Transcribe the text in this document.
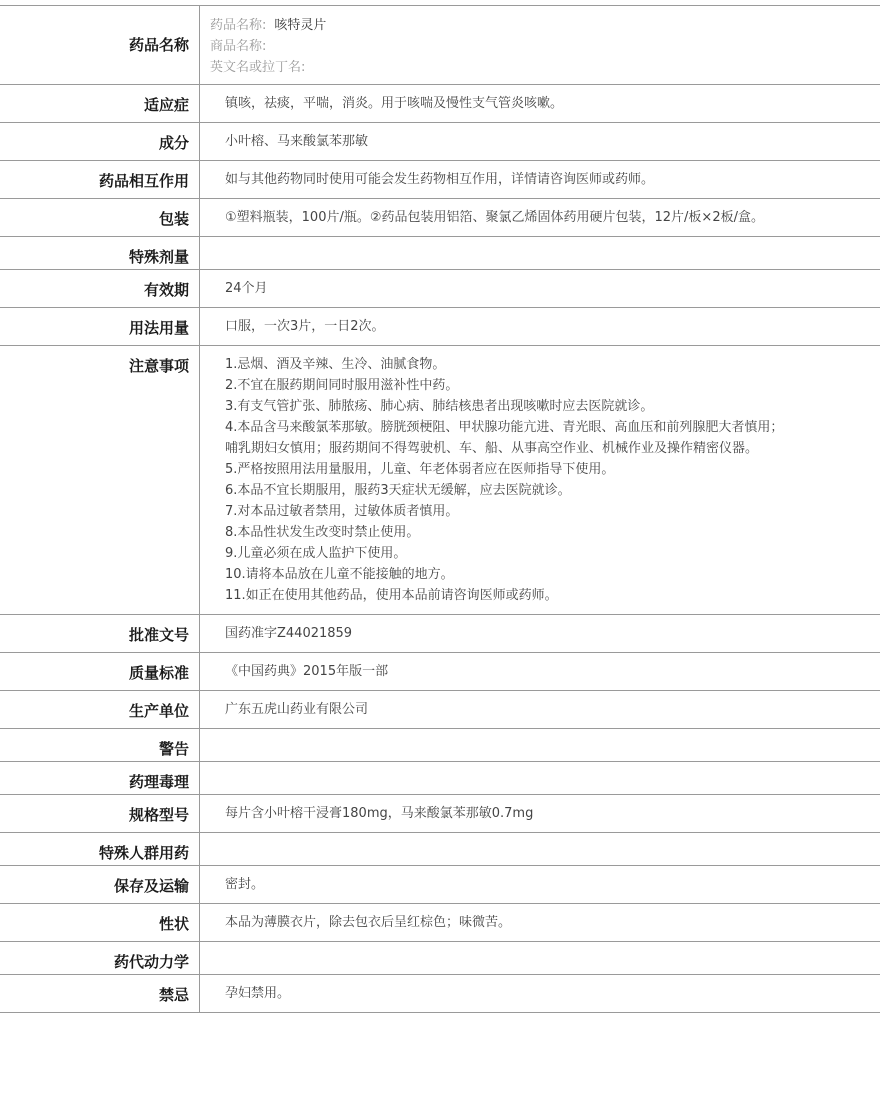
药品名称
药品名称: 咳特灵片
商品名称:
英文名或拉丁名:
适应症	镇咳，祛痰，平喘，消炎。用于咳喘及慢性支气管炎咳嗽。
成分	小叶榕、马来酸氯苯那敏
药品相互作用	如与其他药物同时使用可能会发生药物相互作用，详情请咨询医师或药师。
包装	①塑料瓶装，100片/瓶。②药品包装用铝箔、聚氯乙烯固体药用硬片包装，12片/板×2板/盒。
特殊剂量
有效期	24个月
用法用量	口服，一次3片，一日2次。
注意事项	1.忌烟、酒及辛辣、生冷、油腻食物。
2.不宜在服药期间同时服用滋补性中药。
3.有支气管扩张、肺脓疡、肺心病、肺结核患者出现咳嗽时应去医院就诊。
4.本品含马来酸氯苯那敏。膀胱颈梗阻、甲状腺功能亢进、青光眼、高血压和前列腺肥大者慎用；哺乳期妇女慎用；服药期间不得驾驶机、车、船、从事高空作业、机械作业及操作精密仪器。
5.严格按照用法用量服用，儿童、年老体弱者应在医师指导下使用。
6.本品不宜长期服用，服药3天症状无缓解，应去医院就诊。
7.对本品过敏者禁用，过敏体质者慎用。
8.本品性状发生改变时禁止使用。
9.儿童必须在成人监护下使用。
10.请将本品放在儿童不能接触的地方。
11.如正在使用其他药品，使用本品前请咨询医师或药师。
批准文号	国药准字Z44021859
质量标准	《中国药典》2015年版一部
生产单位	广东五虎山药业有限公司
警告
药理毒理
规格型号	每片含小叶榕干浸膏180mg，马来酸氯苯那敏0.7mg
特殊人群用药
保存及运输	密封。
性状	本品为薄膜衣片，除去包衣后呈红棕色；味微苦。
药代动力学
禁忌	孕妇禁用。
